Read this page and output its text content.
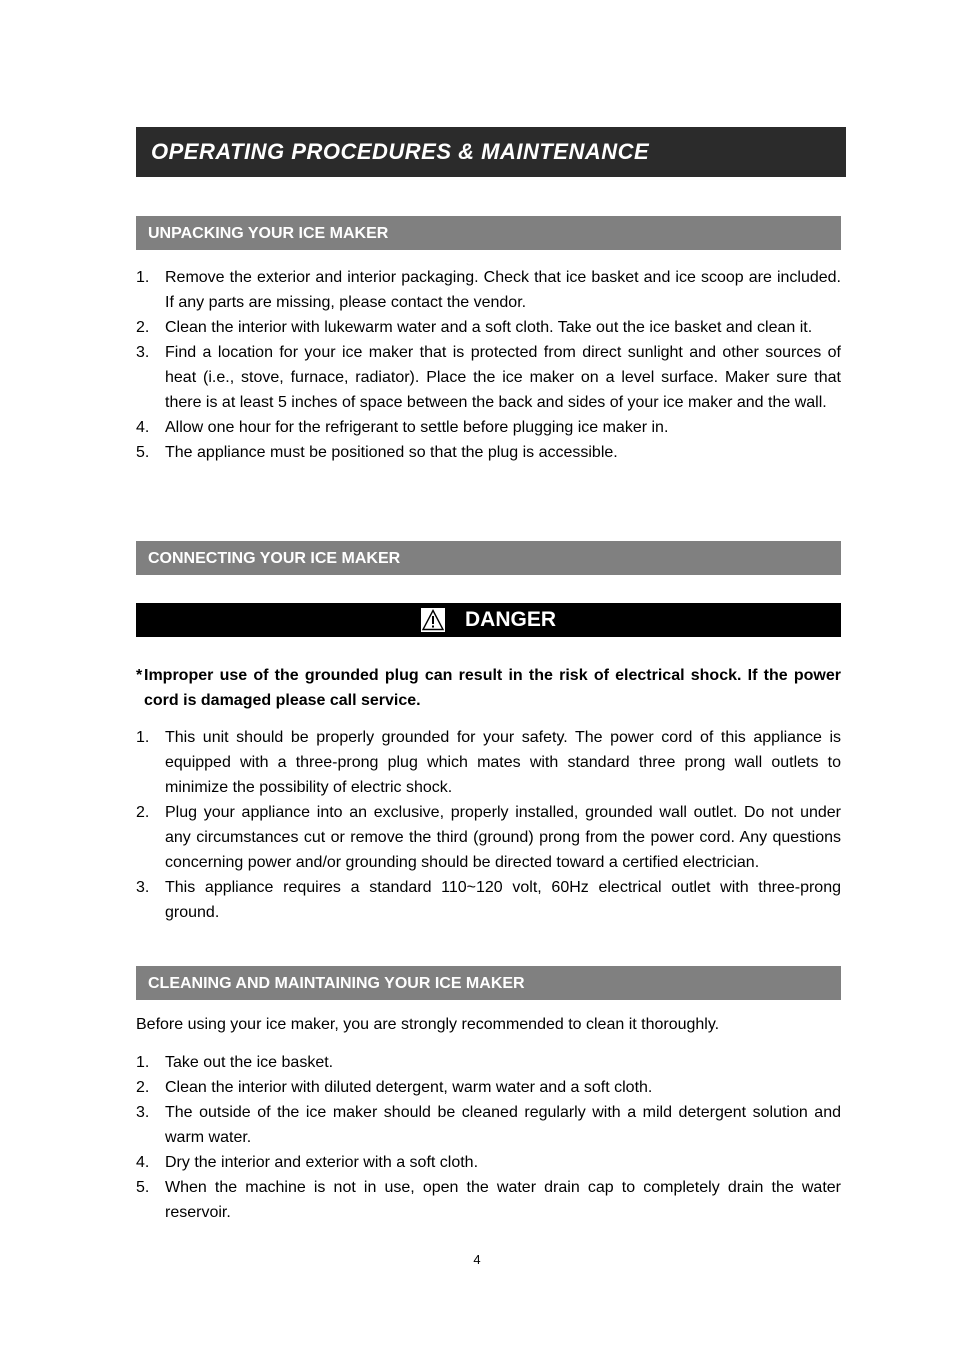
OPERATING PROCEDURES & MAINTENANCE
UNPACKING YOUR ICE MAKER
1. Remove the exterior and interior packaging. Check that ice basket and ice scoop are included. If any parts are missing, please contact the vendor.
2. Clean the interior with lukewarm water and a soft cloth. Take out the ice basket and clean it.
3. Find a location for your ice maker that is protected from direct sunlight and other sources of heat (i.e., stove, furnace, radiator). Place the ice maker on a level surface. Maker sure that there is at least 5 inches of space between the back and sides of your ice maker and the wall.
4. Allow one hour for the refrigerant to settle before plugging ice maker in.
5. The appliance must be positioned so that the plug is accessible.
CONNECTING YOUR ICE MAKER
DANGER
* Improper use of the grounded plug can result in the risk of electrical shock. If the power cord is damaged please call service.
1. This unit should be properly grounded for your safety. The power cord of this appliance is equipped with a three-prong plug which mates with standard three prong wall outlets to minimize the possibility of electric shock.
2. Plug your appliance into an exclusive, properly installed, grounded wall outlet. Do not under any circumstances cut or remove the third (ground) prong from the power cord. Any questions concerning power and/or grounding should be directed toward a certified electrician.
3. This appliance requires a standard 110~120 volt, 60Hz electrical outlet with three-prong ground.
CLEANING AND MAINTAINING YOUR ICE MAKER
Before using your ice maker, you are strongly recommended to clean it thoroughly.
1. Take out the ice basket.
2. Clean the interior with diluted detergent, warm water and a soft cloth.
3. The outside of the ice maker should be cleaned regularly with a mild detergent solution and warm water.
4. Dry the interior and exterior with a soft cloth.
5. When the machine is not in use, open the water drain cap to completely drain the water reservoir.
4
